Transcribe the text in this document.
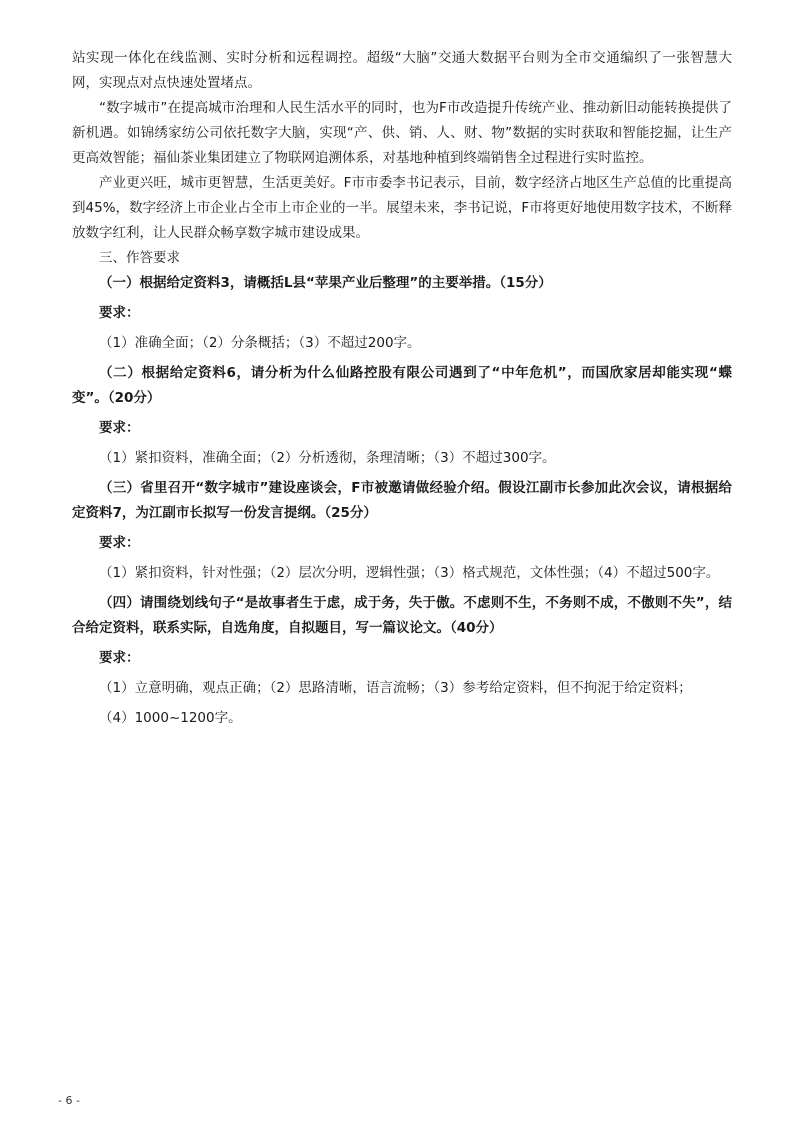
站实现一体化在线监测、实时分析和远程调控。超级“大脑”交通大数据平台则为全市交通编织了一张智慧大网，实现点对点快速处置堵点。

“数字城市”在提高城市治理和人民生活水平的同时，也为F市改造提升传统产业、推动新旧动能转换提供了新机遇。如锦绣家纺公司依托数字大脑，实现“产、供、销、人、财、物”数据的实时获取和智能挖掘，让生产更高效智能；福仙茶业集团建立了物联网追溯体系，对基地种植到终端销售全过程进行实时监控。

产业更兴旺，城市更智慧，生活更美好。F市市委李书记表示，目前，数字经济占地区生产总值的比重提高到45%，数字经济上市企业占全市上市企业的一半。展望未来，李书记说，F市将更好地使用数字技术，不断释放数字红利，让人民群众畅享数字城市建设成果。

三、作答要求

（一）根据给定资料3，请概括L县“苹果产业后整理”的主要举措。（15分）

要求：

（1）准确全面；（2）分条概括；（3）不超过200字。

（二）根据给定资料6，请分析为什么仙路控股有限公司遇到了“中年危机”，而国欣家居却能实现“蝶变”。（20分）

要求：

（1）紧扣资料，准确全面；（2）分析透彻，条理清晰；（3）不超过300字。

（三）省里召开“数字城市”建设座谈会，F市被邀请做经验介绍。假设江副市长参加此次会议，请根据给定资料7，为江副市长拟写一份发言提纲。（25分）

要求：

（1）紧扣资料，针对性强；（2）层次分明，逻辑性强；（3）格式规范，文体性强；（4）不超过500字。

（四）请围绕划线句子“是故事者生于虑，成于务，失于傲。不虑则不生，不务则不成，不傲则不失”，结合给定资料，联系实际，自选角度，自拟题目，写一篇议论文。（40分）

要求：

（1）立意明确，观点正确；（2）思路清晰，语言流畅；（3）参考给定资料，但不拘泥于给定资料；

（4）1000~1200字。

- 6 -
